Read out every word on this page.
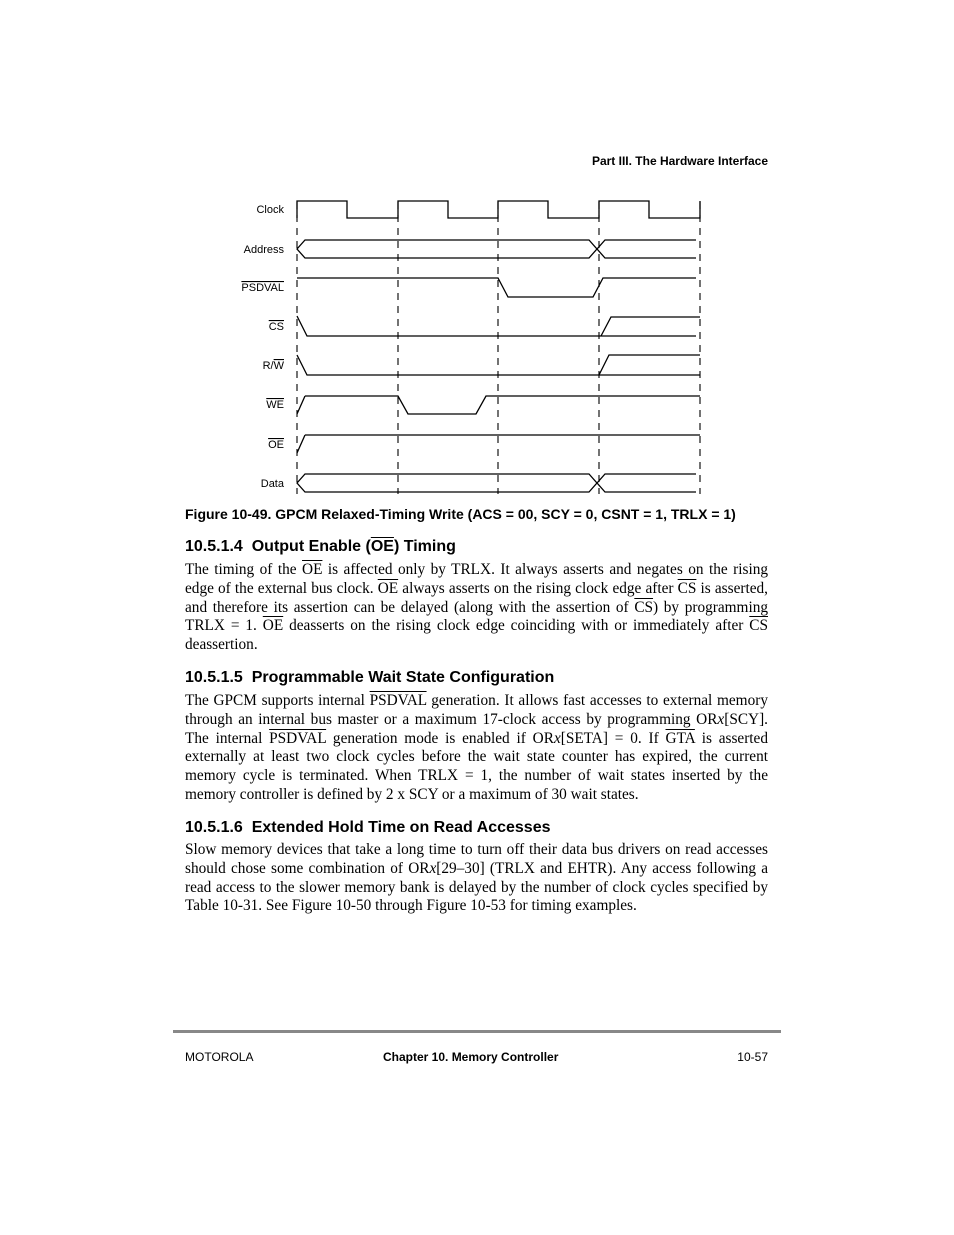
Part III. The Hardware Interface
Clock
Address
PSDVAL
CS
R/W
WE
OE
Data
Figure 10-49. GPCM Relaxed-Timing Write (ACS = 00, SCY = 0, CSNT = 1, TRLX = 1)
10.5.1.4 Output Enable (OE) Timing

The timing of the $\overline{OE}$ is affected only by TRLX. It always asserts and negates on the rising edge of the external bus clock. $\overline{OE}$ always asserts on the rising clock edge after $\overline{CS}$ is asserted, and therefore its assertion can be delayed (along with the assertion of $\overline{CS}$) by programming TRLX = 1. $\overline{OE}$ deasserts on the rising clock edge coinciding with or immediately after $\overline{CS}$ deassertion.

10.5.1.5 Programmable Wait State Configuration

The GPCM supports internal PSDVAL generation. It allows fast accesses to external memory through an internal bus master or a maximum 17-clock access by programming ORx[SCY]. The internal PSDVAL generation mode is enabled if ORx[SETA] = 0. If $\overline{GTA}$ is asserted externally at least two clock cycles before the wait state counter has expired, the current memory cycle is terminated. When TRLX = 1, the number of wait states inserted by the memory controller is defined by 2 x SCY or a maximum of 30 wait states.

10.5.1.6 Extended Hold Time on Read Accesses

Slow memory devices that take a long time to turn off their data bus drivers on read accesses should chose some combination of ORx[29–30] (TRLX and EHTR). Any access following a read access to the slower memory bank is delayed by the number of clock cycles specified by Table 10-31. See Figure 10-50 through Figure 10-53 for timing examples.

MOTOROLA	Chapter 10. Memory Controller	10-57
